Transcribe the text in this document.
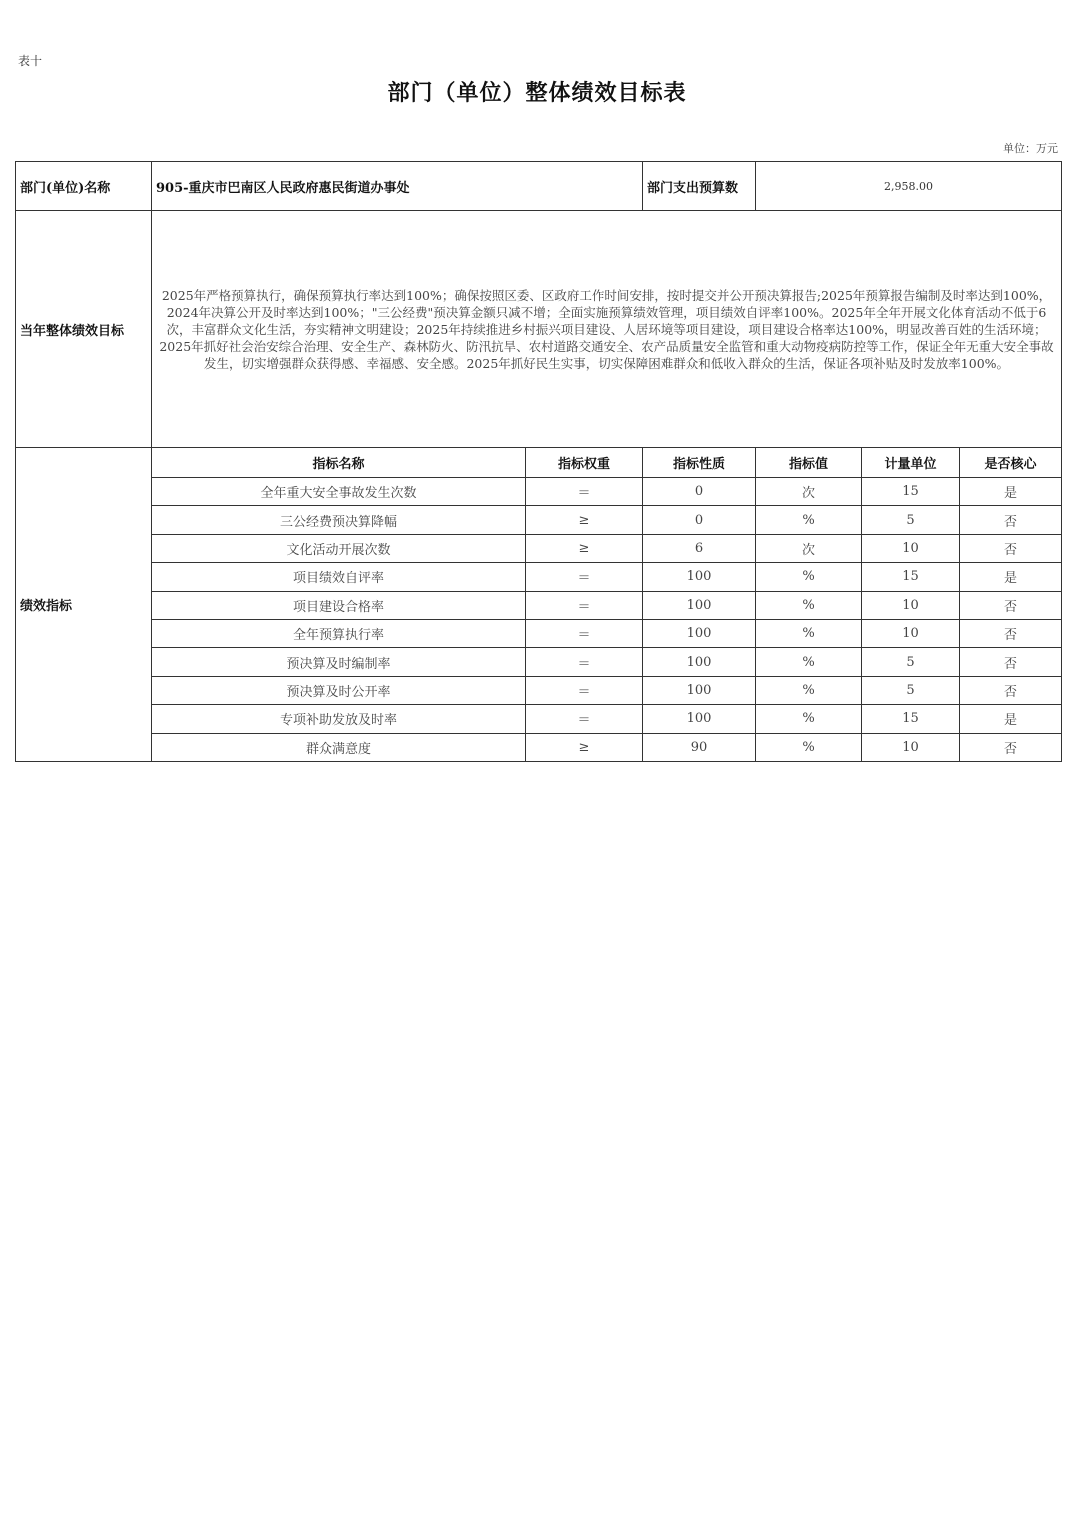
表十
部门（单位）整体绩效目标表
单位：万元
部门(单位)名称	905-重庆市巴南区人民政府惠民街道办事处		部门支出预算数	2,958.00		
当年整体绩效目标	2025年严格预算执行，确保预算执行率达到100%；确保按照区委、区政府工作时间安排，按时提交并公开预决算报告;2025年预算报告编制及时率达到100%，2024年决算公开及时率达到100%；"三公经费"预决算金额只减不增；全面实施预算绩效管理，项目绩效自评率100%。2025年全年开展文化体育活动不低于6次，丰富群众文化生活，夯实精神文明建设；2025年持续推进乡村振兴项目建设、人居环境等项目建设，项目建设合格率达100%，明显改善百姓的生活环境；2025年抓好社会治安综合治理、安全生产、森林防火、防汛抗旱、农村道路交通安全、农产品质量安全监管和重大动物疫病防控等工作，保证全年无重大安全事故发生，切实增强群众获得感、幸福感、安全感。2025年抓好民生实事，切实保障困难群众和低收入群众的生活，保证各项补贴及时发放率100%。					
绩效指标	指标名称	指标权重	指标性质	指标值	计量单位	是否核心
	全年重大安全事故发生次数	＝	0	次	15	是
	三公经费预决算降幅	≥	0	%	5	否
	文化活动开展次数	≥	6	次	10	否
	项目绩效自评率	＝	100	%	15	是
	项目建设合格率	＝	100	%	10	否
	全年预算执行率	＝	100	%	10	否
	预决算及时编制率	＝	100	%	5	否
	预决算及时公开率	＝	100	%	5	否
	专项补助发放及时率	＝	100	%	15	是
	群众满意度	≥	90	%	10	否
